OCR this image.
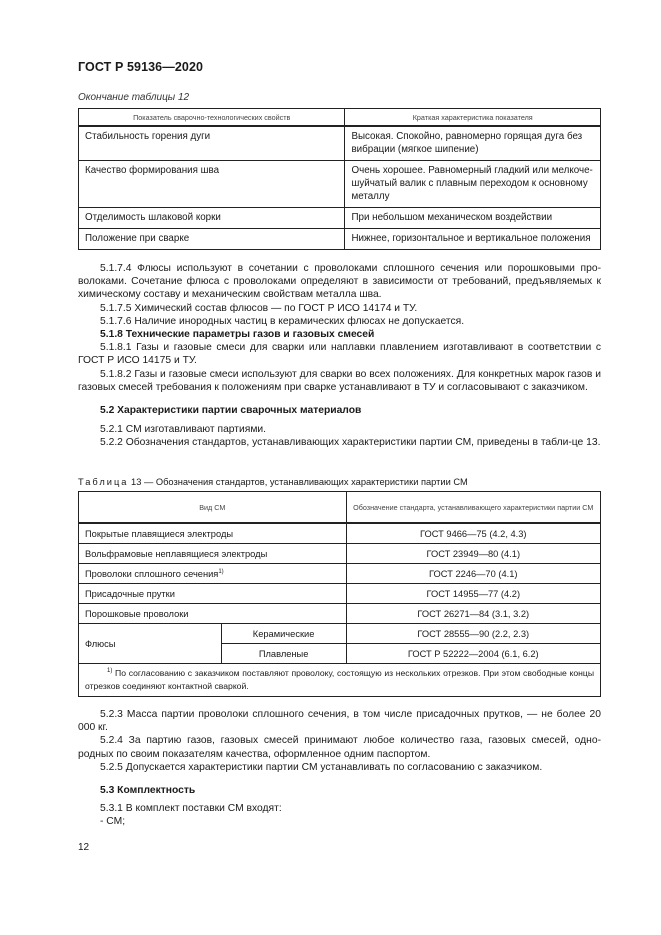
ГОСТ Р 59136—2020
Окончание таблицы 12
Показатель сварочно-технологических свойств	Краткая характеристика показателя
Стабильность горения дуги	Высокая. Спокойно, равномерно горящая дуга без вибрации (мягкое шипение)
Качество формирования шва	Очень хорошее. Равномерный гладкий или мелкоче-шуйчатый валик с плавным переходом к основному металлу
Отделимость шлаковой корки	При небольшом механическом воздействии
Положение при сварке	Нижнее, горизонтальное и вертикальное положения

5.1.7.4 Флюсы используют в сочетании с проволоками сплошного сечения или порошковыми про-волоками. Сочетание флюса с проволоками определяют в зависимости от требований, предъявляемых к химическому составу и механическим свойствам металла шва.

5.1.7.5 Химический состав флюсов — по ГОСТ Р ИСО 14174 и ТУ.

5.1.7.6 Наличие инородных частиц в керамических флюсах не допускается.

5.1.8 Технические параметры газов и газовых смесей

5.1.8.1 Газы и газовые смеси для сварки или наплавки плавлением изготавливают в соответствии с ГОСТ Р ИСО 14175 и ТУ.

5.1.8.2 Газы и газовые смеси используют для сварки во всех положениях. Для конкретных марок газов и газовых смесей требования к положениям при сварке устанавливают в ТУ и согласовывают с заказчиком.

5.2 Характеристики партии сварочных материалов

5.2.1 СМ изготавливают партиями.

5.2.2 Обозначения стандартов, устанавливающих характеристики партии СМ, приведены в табли-це 13.

Таблица 13 — Обозначения стандартов, устанавливающих характеристики партии СМ
Вид СМ		Обозначение стандарта, устанавливающего характеристики партии СМ
Покрытые плавящиеся электроды		ГОСТ 9466—75 (4.2, 4.3)
Вольфрамовые неплавящиеся электроды		ГОСТ 23949—80 (4.1)
Проволоки сплошного сечения$^{1)}$		ГОСТ 2246—70 (4.1)
Присадочные прутки		ГОСТ 14955—77 (4.2)
Порошковые проволоки		ГОСТ 26271—84 (3.1, 3.2)
Флюсы	Керамические	ГОСТ 28555—90 (2.2, 2.3)
	Плавленые	ГОСТ Р 52222—2004 (6.1, 6.2)
$^{1)}$ По согласованию с заказчиком поставляют проволоку, состоящую из нескольких отрезков. При этом свободные концы отрезков соединяют контактной сваркой.		

5.2.3 Масса партии проволоки сплошного сечения, в том числе присадочных прутков, — не более 20 000 кг.

5.2.4 За партию газов, газовых смесей принимают любое количество газа, газовых смесей, одно-родных по своим показателям качества, оформленное одним паспортом.

5.2.5 Допускается характеристики партии СМ устанавливать по согласованию с заказчиком.

5.3 Комплектность

5.3.1 В комплект поставки СМ входят:

- СМ;

12
